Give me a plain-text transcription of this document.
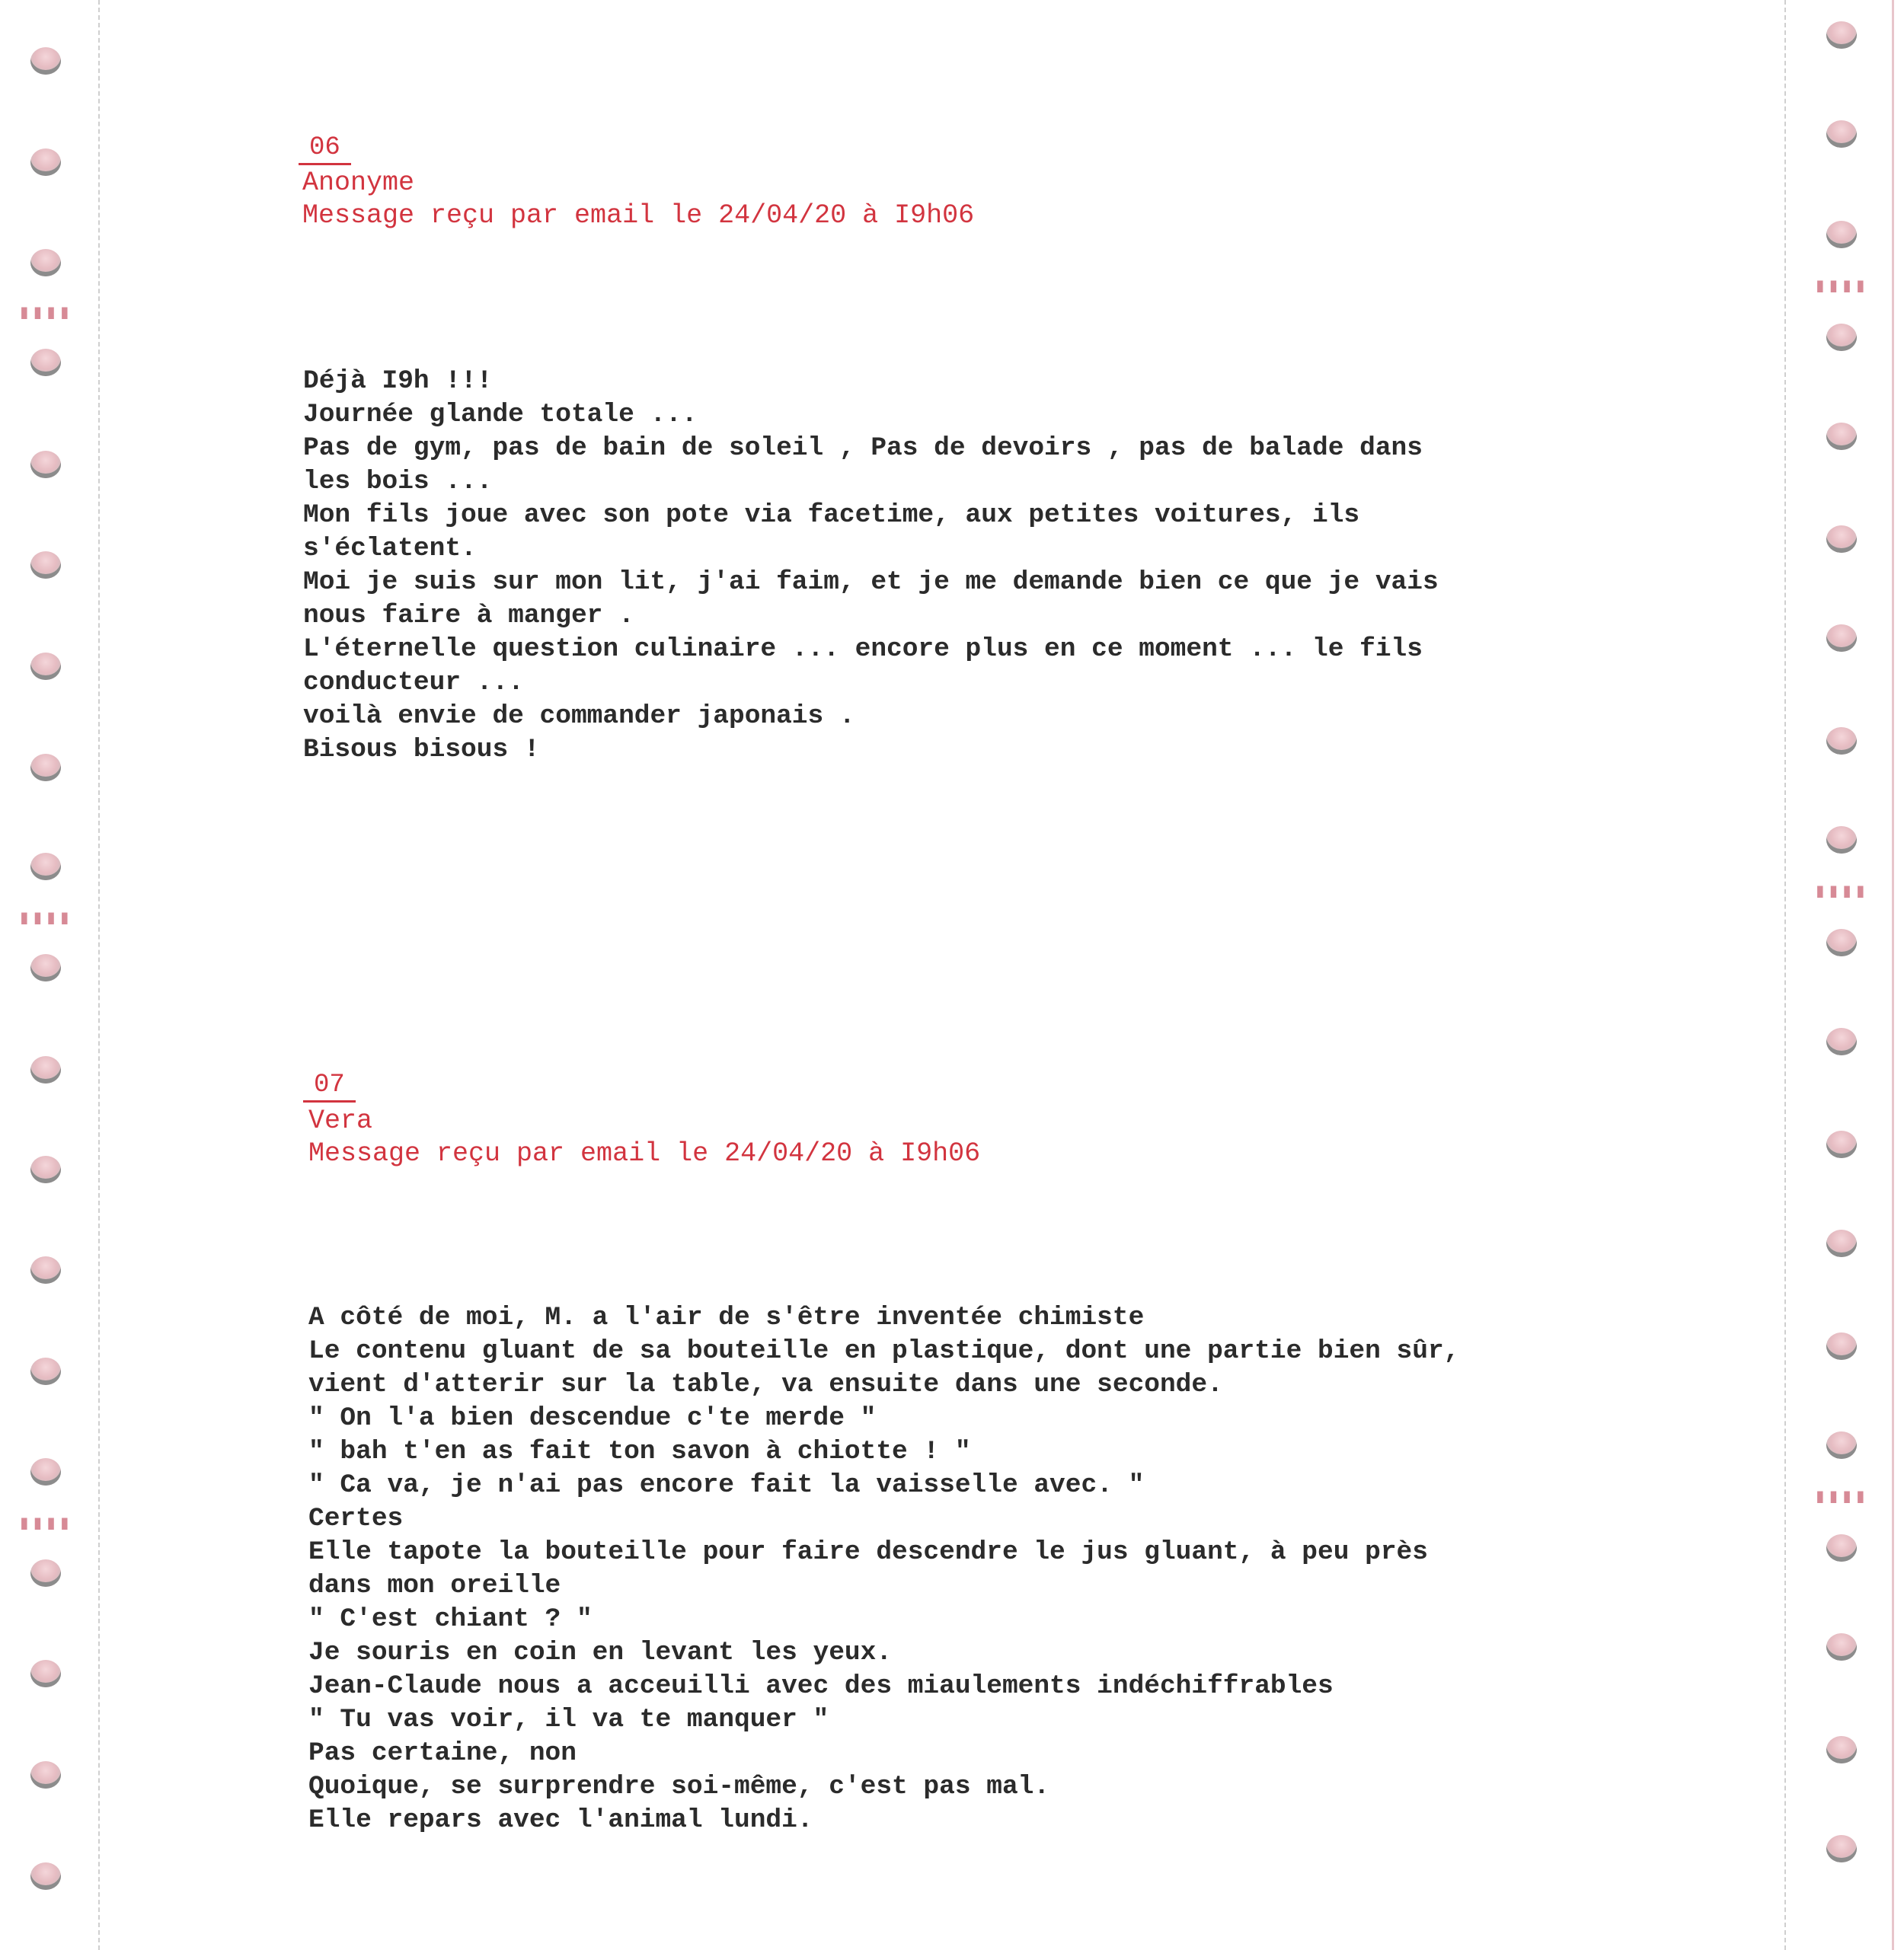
06
Anonyme
Message reçu par email le 24/04/20 à I9h06
Déjà I9h !!!
Journée glande totale ...
Pas de gym, pas de bain de soleil , Pas de devoirs , pas de balade dans
les bois ...
Mon fils joue avec son pote via facetime, aux petites voitures, ils
s'éclatent.
Moi je suis sur mon lit, j'ai faim, et je me demande bien ce que je vais
nous faire à manger .
L'éternelle question culinaire ... encore plus en ce moment ... le fils
conducteur ...
voilà envie de commander japonais .
Bisous bisous !
07
Vera
Message reçu par email le 24/04/20 à I9h06
A côté de moi, M. a l'air de s'être inventée chimiste
Le contenu gluant de sa bouteille en plastique, dont une partie bien sûr,
vient d'atterir sur la table, va ensuite dans une seconde.
" On l'a bien descendue c'te merde "
" bah t'en as fait ton savon à chiotte ! "
" Ca va, je n'ai pas encore fait la vaisselle avec. "
Certes
Elle tapote la bouteille pour faire descendre le jus gluant, à peu près
dans mon oreille
" C'est chiant ? "
Je souris en coin en levant les yeux.
Jean-Claude nous a acceuilli avec des miaulements indéchiffrables
" Tu vas voir, il va te manquer "
Pas certaine, non
Quoique, se surprendre soi-même, c'est pas mal.
Elle repars avec l'animal lundi.
▮▮▮▮
▮▮▮▮
▮▮▮▮
▮▮▮▮
▮▮▮▮
▮▮▮▮
